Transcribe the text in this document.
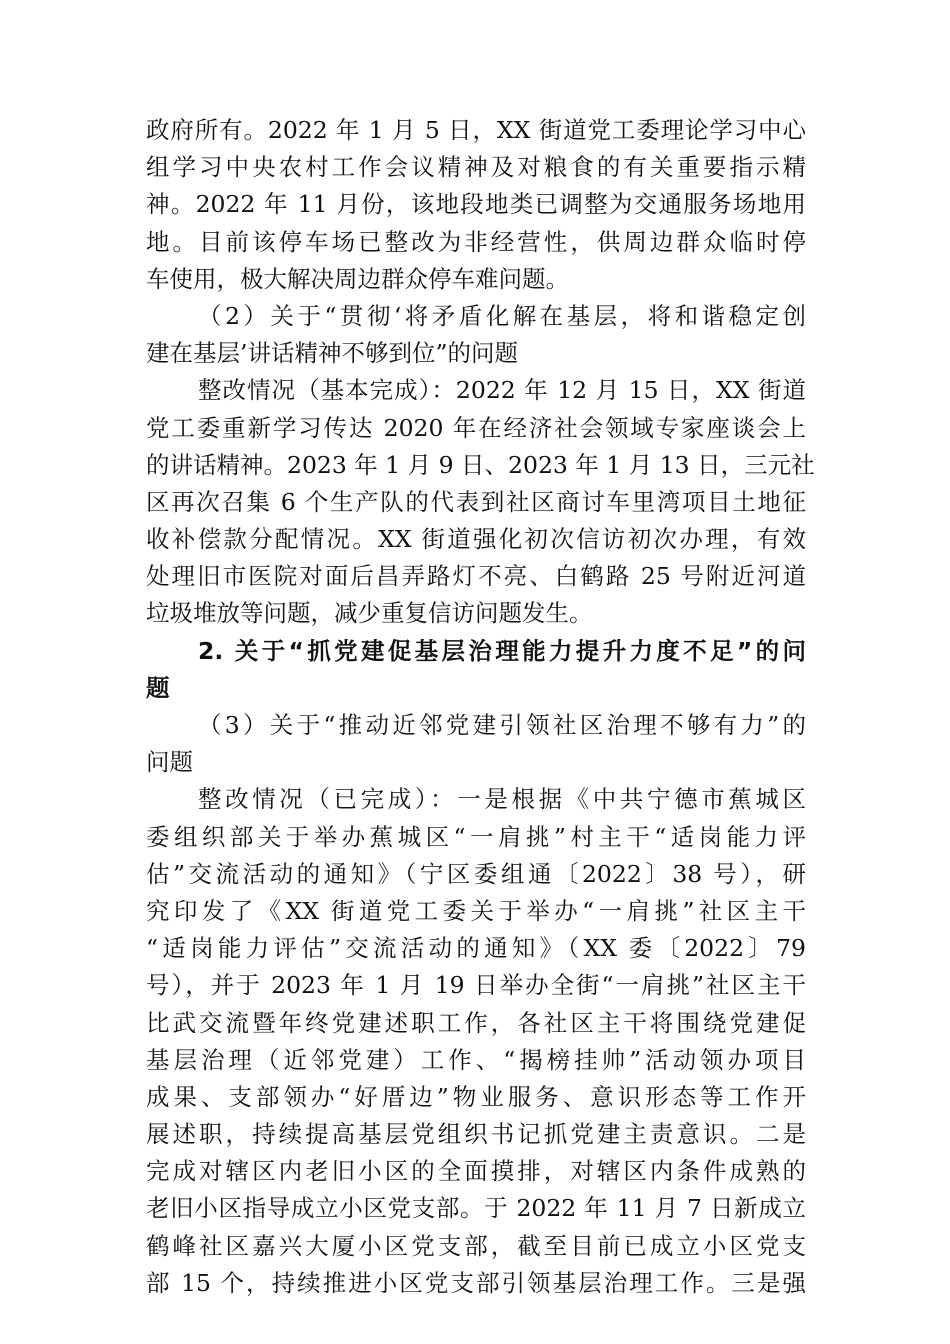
政府所有。2022 年 1 月 5 日，XX 街道党工委理论学习中心
组学习中央农村工作会议精神及对粮食的有关重要指示精
神。2022 年 11 月份，该地段地类已调整为交通服务场地用
地。目前该停车场已整改为非经营性，供周边群众临时停
车使用，极大解决周边群众停车难问题。
（2）关于“贯彻‘将矛盾化解在基层，将和谐稳定创
建在基层’讲话精神不够到位”的问题
整改情况（基本完成）：2022 年 12 月 15 日，XX 街道
党工委重新学习传达 2020 年在经济社会领域专家座谈会上
的讲话精神。2023 年 1 月 9 日、2023 年 1 月 13 日，三元社
区再次召集 6 个生产队的代表到社区商讨车里湾项目土地征
收补偿款分配情况。XX 街道强化初次信访初次办理，有效
处理旧市医院对面后昌弄路灯不亮、白鹤路 25 号附近河道
垃圾堆放等问题，减少重复信访问题发生。
2. 关于“抓党建促基层治理能力提升力度不足”的问
题
（3）关于“推动近邻党建引领社区治理不够有力”的
问题
整改情况（已完成）：一是根据《中共宁德市蕉城区
委组织部关于举办蕉城区“一肩挑”村主干“适岗能力评
估”交流活动的通知》（宁区委组通〔2022〕38 号），研
究印发了《XX 街道党工委关于举办“一肩挑”社区主干
“适岗能力评估”交流活动的通知》（XX 委〔2022〕79
号），并于 2023 年 1 月 19 日举办全街“一肩挑”社区主干
比武交流暨年终党建述职工作，各社区主干将围绕党建促
基层治理（近邻党建）工作、“揭榜挂帅”活动领办项目
成果、支部领办“好厝边”物业服务、意识形态等工作开
展述职，持续提高基层党组织书记抓党建主责意识。二是
完成对辖区内老旧小区的全面摸排，对辖区内条件成熟的
老旧小区指导成立小区党支部。于 2022 年 11 月 7 日新成立
鹤峰社区嘉兴大厦小区党支部，截至目前已成立小区党支
部 15 个，持续推进小区党支部引领基层治理工作。三是强
